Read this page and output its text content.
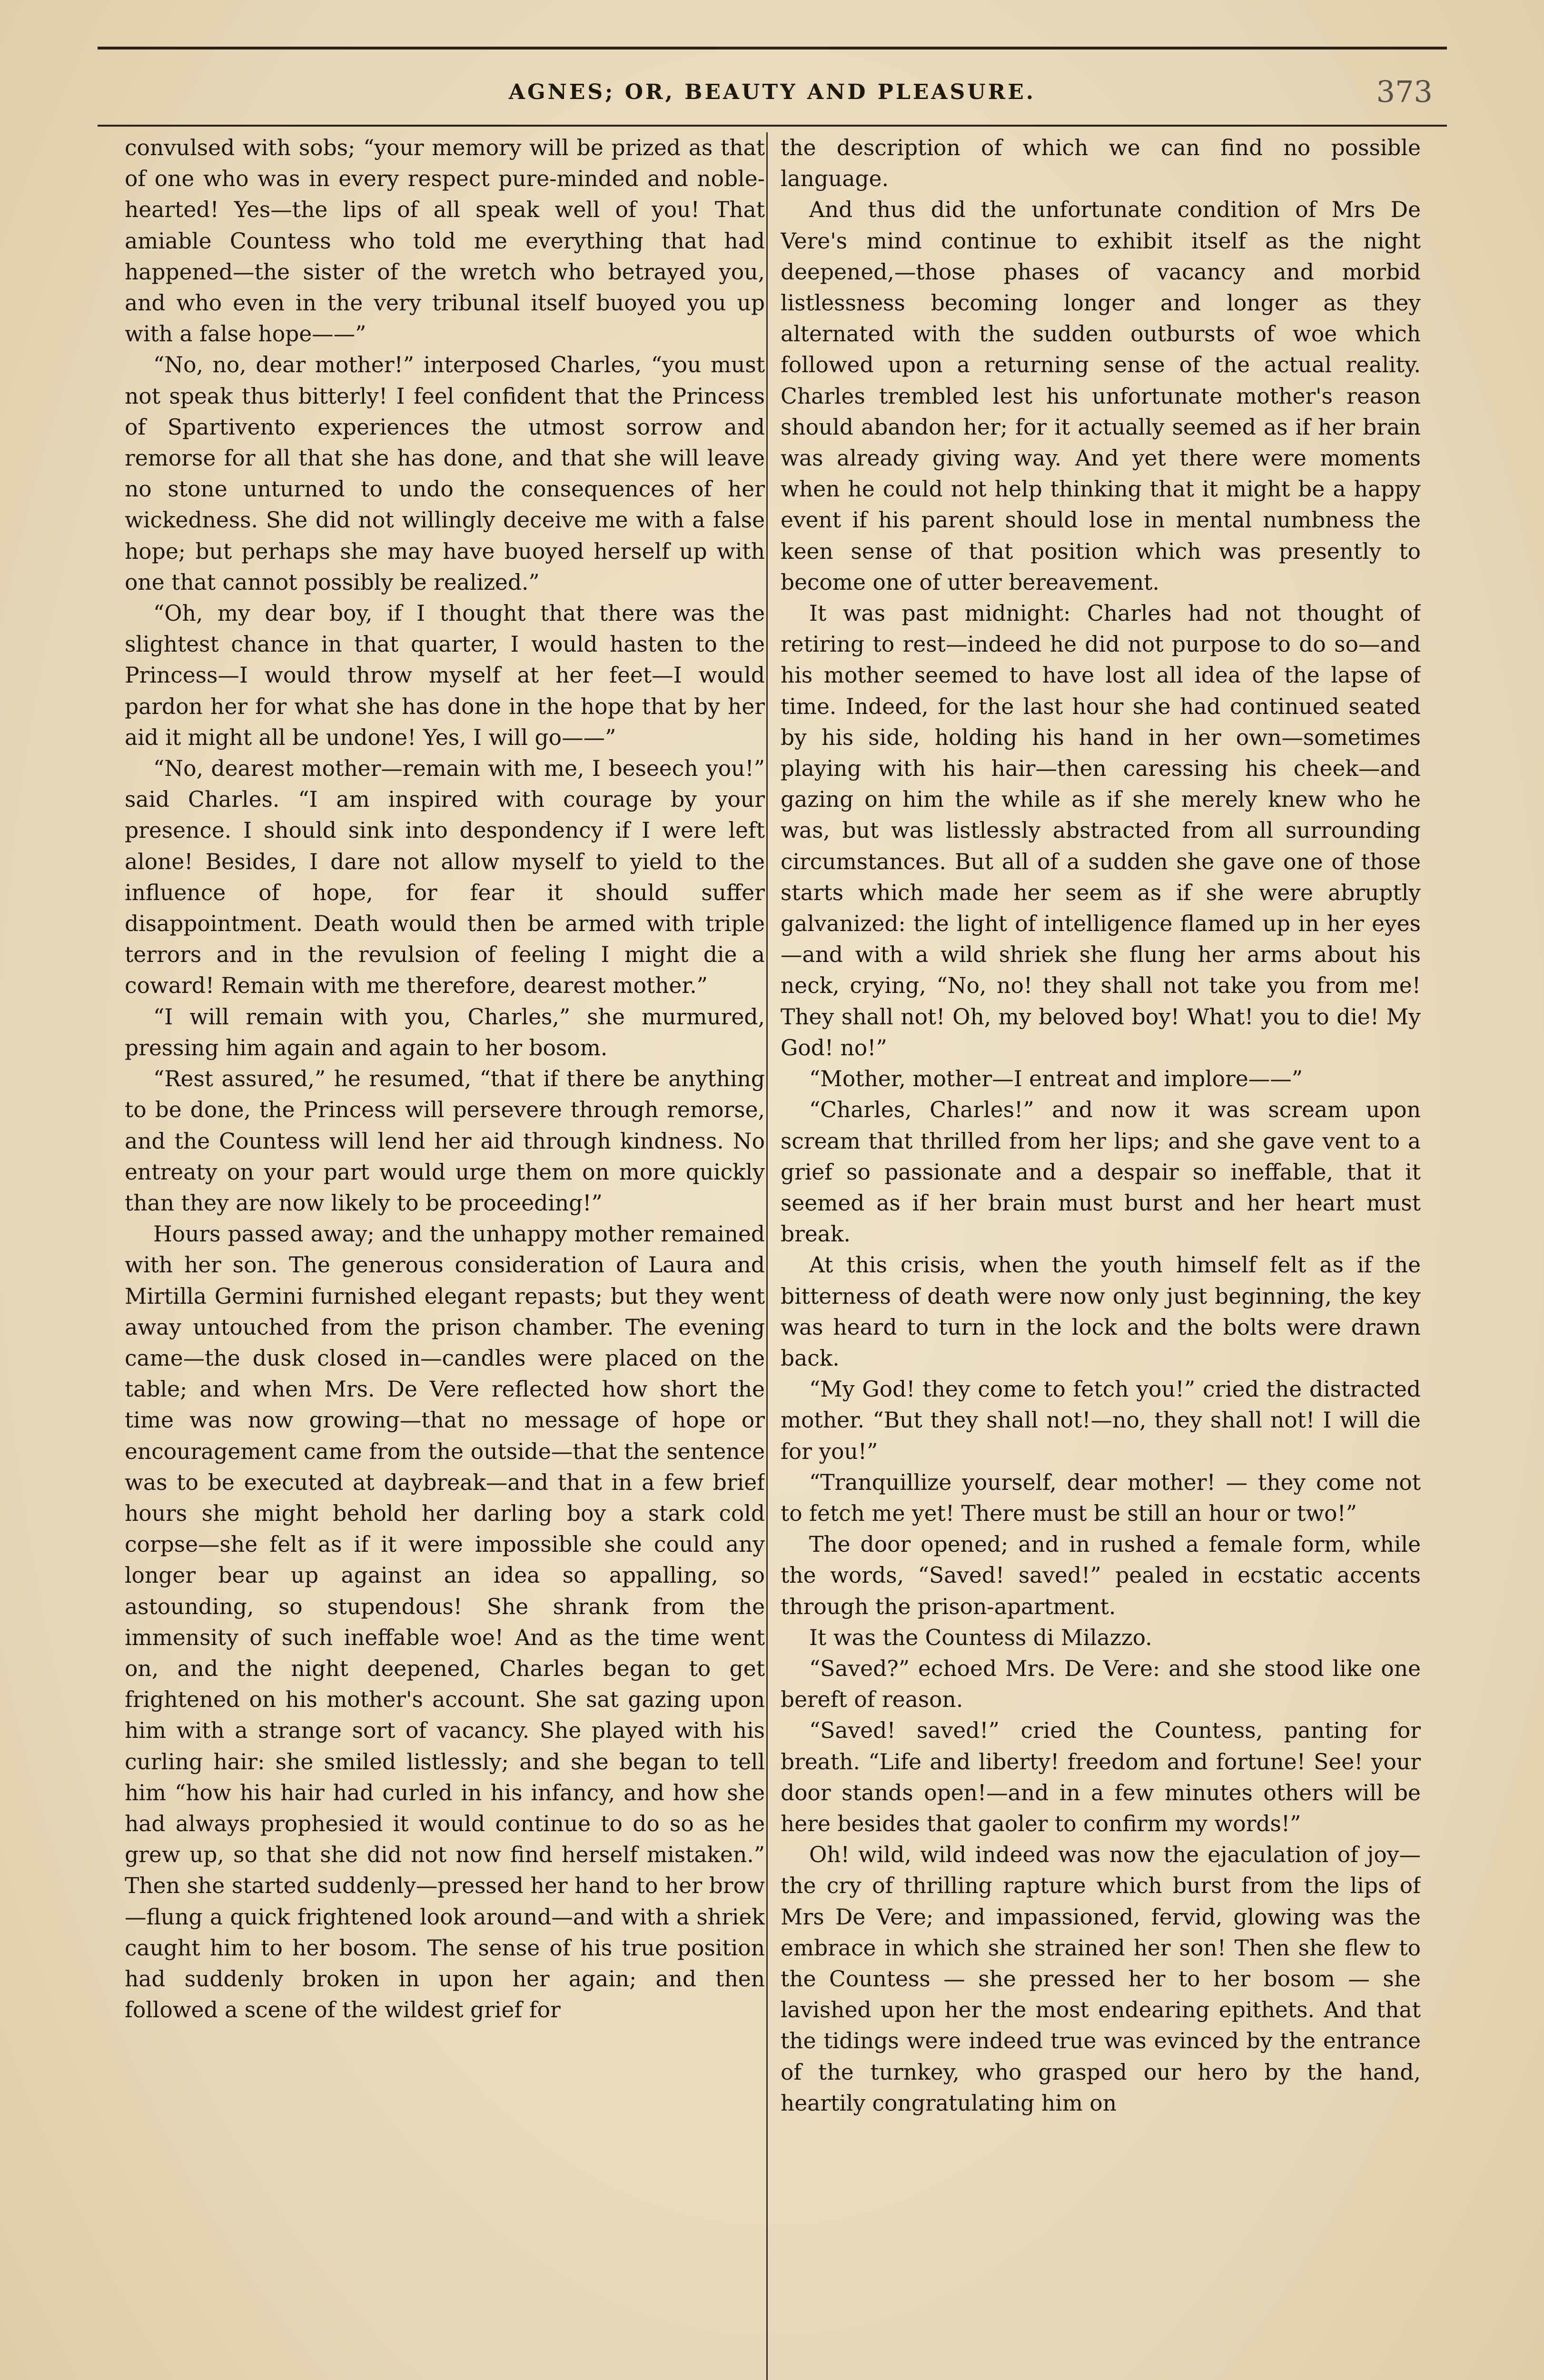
AGNES; OR, BEAUTY AND PLEASURE.	373

convulsed with sobs; “your memory will be prized as that of one who was in every respect pure-minded and noble-hearted! Yes—the lips of all speak well of you! That amiable Countess who told me everything that had happened—the sister of the wretch who betrayed you, and who even in the very tribunal itself buoyed you up with a false hope——”

“No, no, dear mother!” interposed Charles, “you must not speak thus bitterly! I feel confident that the Princess of Spartivento experiences the utmost sorrow and remorse for all that she has done, and that she will leave no stone unturned to undo the consequences of her wickedness. She did not willingly deceive me with a false hope; but perhaps she may have buoyed herself up with one that cannot possibly be realized.”

“Oh, my dear boy, if I thought that there was the slightest chance in that quarter, I would hasten to the Princess—I would throw myself at her feet—I would pardon her for what she has done in the hope that by her aid it might all be undone! Yes, I will go——”

“No, dearest mother—remain with me, I beseech you!” said Charles. “I am inspired with courage by your presence. I should sink into despondency if I were left alone! Besides, I dare not allow myself to yield to the influence of hope, for fear it should suffer disappointment. Death would then be armed with triple terrors and in the revulsion of feeling I might die a coward! Remain with me therefore, dearest mother.”

“I will remain with you, Charles,” she murmured, pressing him again and again to her bosom.

“Rest assured,” he resumed, “that if there be anything to be done, the Princess will persevere through remorse, and the Countess will lend her aid through kindness. No entreaty on your part would urge them on more quickly than they are now likely to be proceeding!”

Hours passed away; and the unhappy mother remained with her son. The generous consideration of Laura and Mirtilla Germini furnished elegant repasts; but they went away untouched from the prison chamber. The evening came—the dusk closed in—candles were placed on the table; and when Mrs. De Vere reflected how short the time was now growing—that no message of hope or encouragement came from the outside—that the sentence was to be executed at daybreak—and that in a few brief hours she might behold her darling boy a stark cold corpse—she felt as if it were impossible she could any longer bear up against an idea so appalling, so astounding, so stupendous! She shrank from the immensity of such ineffable woe! And as the time went on, and the night deepened, Charles began to get frightened on his mother's account. She sat gazing upon him with a strange sort of vacancy. She played with his curling hair: she smiled listlessly; and she began to tell him “how his hair had curled in his infancy, and how she had always prophesied it would continue to do so as he grew up, so that she did not now find herself mistaken.” Then she started suddenly—pressed her hand to her brow—flung a quick frightened look around—and with a shriek caught him to her bosom. The sense of his true position had suddenly broken in upon her again; and then followed a scene of the wildest grief for

the description of which we can find no possible language.

And thus did the unfortunate condition of Mrs De Vere's mind continue to exhibit itself as the night deepened,—those phases of vacancy and morbid listlessness becoming longer and longer as they alternated with the sudden outbursts of woe which followed upon a returning sense of the actual reality. Charles trembled lest his unfortunate mother's reason should abandon her; for it actually seemed as if her brain was already giving way. And yet there were moments when he could not help thinking that it might be a happy event if his parent should lose in mental numbness the keen sense of that position which was presently to become one of utter bereavement.

It was past midnight: Charles had not thought of retiring to rest—indeed he did not purpose to do so—and his mother seemed to have lost all idea of the lapse of time. Indeed, for the last hour she had continued seated by his side, holding his hand in her own—sometimes playing with his hair—then caressing his cheek—and gazing on him the while as if she merely knew who he was, but was listlessly abstracted from all surrounding circumstances. But all of a sudden she gave one of those starts which made her seem as if she were abruptly galvanized: the light of intelligence flamed up in her eyes—and with a wild shriek she flung her arms about his neck, crying, “No, no! they shall not take you from me! They shall not! Oh, my beloved boy! What! you to die! My God! no!”

“Mother, mother—I entreat and implore——”

“Charles, Charles!” and now it was scream upon scream that thrilled from her lips; and she gave vent to a grief so passionate and a despair so ineffable, that it seemed as if her brain must burst and her heart must break.

At this crisis, when the youth himself felt as if the bitterness of death were now only just beginning, the key was heard to turn in the lock and the bolts were drawn back.

“My God! they come to fetch you!” cried the distracted mother. “But they shall not!—no, they shall not! I will die for you!”

“Tranquillize yourself, dear mother! — they come not to fetch me yet! There must be still an hour or two!”

The door opened; and in rushed a female form, while the words, “Saved! saved!” pealed in ecstatic accents through the prison-apartment.

It was the Countess di Milazzo.

“Saved?” echoed Mrs. De Vere: and she stood like one bereft of reason.

“Saved! saved!” cried the Countess, panting for breath. “Life and liberty! freedom and fortune! See! your door stands open!—and in a few minutes others will be here besides that gaoler to confirm my words!”

Oh! wild, wild indeed was now the ejaculation of joy—the cry of thrilling rapture which burst from the lips of Mrs De Vere; and impassioned, fervid, glowing was the embrace in which she strained her son! Then she flew to the Countess — she pressed her to her bosom — she lavished upon her the most endearing epithets. And that the tidings were indeed true was evinced by the entrance of the turnkey, who grasped our hero by the hand, heartily congratulating him on
